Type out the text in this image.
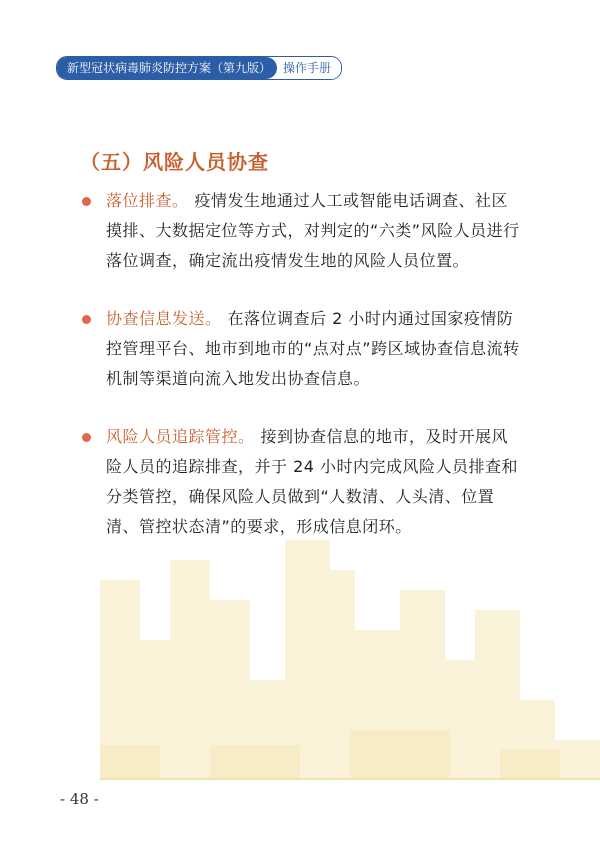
新型冠状病毒肺炎防控方案（第九版）	操作手册
（五）风险人员协查
落位排查。 疫情发生地通过人工或智能电话调查、社区摸排、大数据定位等方式，对判定的“六类”风险人员进行落位调查，确定流出疫情发生地的风险人员位置。
协查信息发送。 在落位调查后 2 小时内通过国家疫情防控管理平台、地市到地市的“点对点”跨区域协查信息流转机制等渠道向流入地发出协查信息。
风险人员追踪管控。 接到协查信息的地市，及时开展风险人员的追踪排查，并于 24 小时内完成风险人员排查和分类管控，确保风险人员做到“人数清、人头清、位置清、管控状态清”的要求，形成信息闭环。
- 48 -
